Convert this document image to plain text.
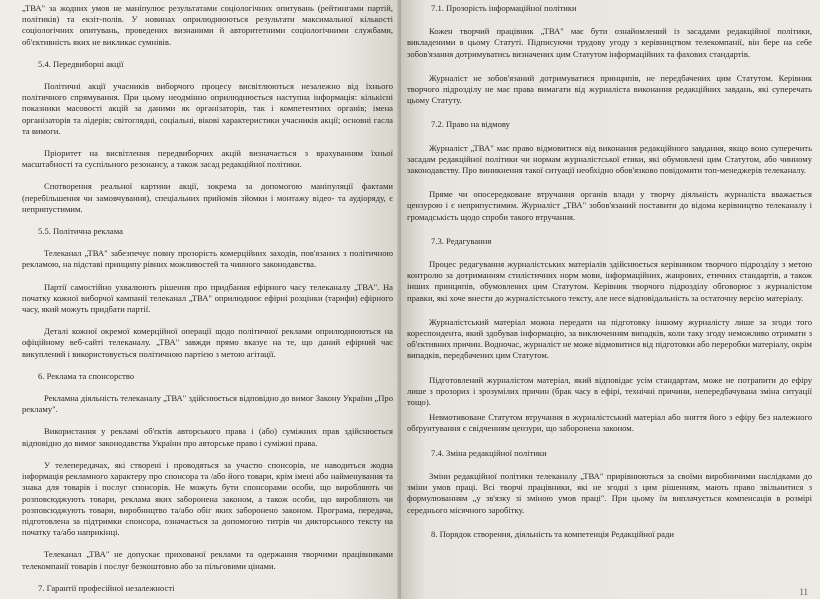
„ТВА" за жодних умов не маніпулює результатами соціологічних опитувань (рейтингами партій, політиків) та екзіт-полів. У новинах оприлюднюються результати максимальної кількості соціологічних опитувань, проведених визнаними й авторитетними соціологічними службами, об'єктивність яких не викликає сумнівів.

5.4. Передвиборні акції

Політичні акції учасників виборчого процесу висвітлюються незалежно від їхнього політичного спрямування. При цьому неодмінно оприлюднюється наступна інформація: кількісні показники масовості акцій за даними як організаторів, так і компетентних органів; імена організаторів та лідерів; світоглядні, соціальні, вікові характеристики учасників акції; основні гасла та вимоги.

Пріоритет на висвітлення передвиборчих акцій визначається з врахуванням їхньої масштабності та суспільного резонансу, а також засад редакційної політики.

Спотворення реальної картини акції, зокрема за допомогою маніпуляції фактами (перебільшення чи замовчування), спеціальних прийомів зйомки і монтажу відео- та аудіоряду, є неприпустимим.

5.5. Політична реклама

Телеканал „ТВА" забезпечує повну прозорість комерційних заходів, пов'язаних з політичною рекламою, на підставі принципу рівних можливостей та чинного законодавства.

Партії самостійно ухвалюють рішення про придбання ефірного часу телеканалу „ТВА". На початку кожної виборчої кампанії телеканал „ТВА" оприлюднює ефірні розцінки (тарифи) ефірного часу, який можуть придбати партії.

Деталі кожної окремої комерційної операції щодо політичної реклами оприлюднюються на офіційному веб-сайті телеканалу. „ТВА" завжди прямо вказує на те, що даний ефірний час викуплений і використовується політичною партією з метою агітації.

6. Реклама та спонсорство

Рекламна діяльність телеканалу „ТВА" здійснюється відповідно до вимог Закону України „Про рекламу".

Використання у рекламі об'єктів авторського права і (або) суміжних прав здійснюється відповідно до вимог законодавства України про авторське право і суміжні права.

У телепередачах, які створені і проводяться за участю спонсорів, не наводиться жодна інформація рекламного характеру про спонсора та /або його товари, крім імені або найменування та знака для товарів і послуг спонсорів. Не можуть бути спонсорами особи, що виробляють чи розповсюджують товари, реклама яких заборонена законом, а також особи, що виробляють чи розповсюджують товари, виробництво та/або обіг яких заборонено законом. Програма, передача, підготовлена за підтримки спонсора, означається за допомогою титрів чи дикторського тексту на початку та/або наприкінці.

Телеканал „ТВА" не допускає прихованої реклами та одержання творчими працівниками телекомпанії товарів і послуг безкоштовно або за пільговими цінами.

7. Гарантії професійної незалежності

7.1. Прозорість інформаційної політики

Кожен творчий працівник „ТВА" має бути ознайомлений із засадами редакційної політики, викладеними в цьому Статуті. Підписуючи трудову угоду з керівництвом телекомпанії, він бере на себе зобов'язання дотримуватись визначених цим Статутом інформаційних та фахових стандартів.

Журналіст не зобов'язаний дотримуватися принципів, не передбачених цим Статутом. Керівник творчого підрозділу не має права вимагати від журналіста виконання редакційних завдань, які суперечать цьому Статуту.

7.2. Право на відмову

Журналіст „ТВА" має право відмовитися від виконання редакційного завдання, якщо воно суперечить засадам редакційної політики чи нормам журналістської етики, які обумовлені цим Статутом, або чинному законодавству. Про виникнення такої ситуації необхідно обов'язково повідомити топ-менеджерів телеканалу.

Пряме чи опосередковане втручання органів влади у творчу діяльність журналіста вважається цензурою і є неприпустимим. Журналіст „ТВА" зобов'язаний поставити до відома керівництво телеканалу і громадськість щодо спроби такого втручання.

7.3. Редагування

Процес редагування журналістських матеріалів здійснюється керівником творчого підрозділу з метою контролю за дотриманням стилістичних норм мови, інформаційних, жанрових, етичних стандартів, а також інших принципів, обумовлених цим Статутом. Керівник творчого підрозділу обговорює з журналістом правки, які хоче внести до журналістського тексту, але несе відповідальність за остаточну версію матеріалу.

Журналістський матеріал можна передати на підготовку іншому журналісту лише за згоди того кореспондента, який здобував інформацію, за виключенням випадків, коли таку згоду неможливо отримати з об'єктивних причин. Водночас, журналіст не може відмовитися від підготовки або переробки матеріалу, окрім випадків, передбачених цим Статутом.

Підготовлений журналістом матеріал, який відповідає усім стандартам, може не потрапити до ефіру лише з прозорих і зрозумілих причин (брак часу в ефірі, технічні причини, непередбачувана зміна ситуації тощо).

Невмотивоване Статутом втручання в журналістський матеріал або зняття його з ефіру без належного обґрунтування є свідченням цензури, що заборонена законом.

7.4. Зміна редакційної політики

Зміни редакційної політики телеканалу „ТВА" прирівнюються за своїми виробничими наслідками до зміни умов праці. Всі творчі працівники, які не згодні з цим рішенням, мають право звільнитися з формулюванням „у зв'язку зі зміною умов праці". При цьому їм виплачується компенсація в розмірі середнього місячного заробітку.

8. Порядок створення, діяльність та компетенція Редакційної ради

11
